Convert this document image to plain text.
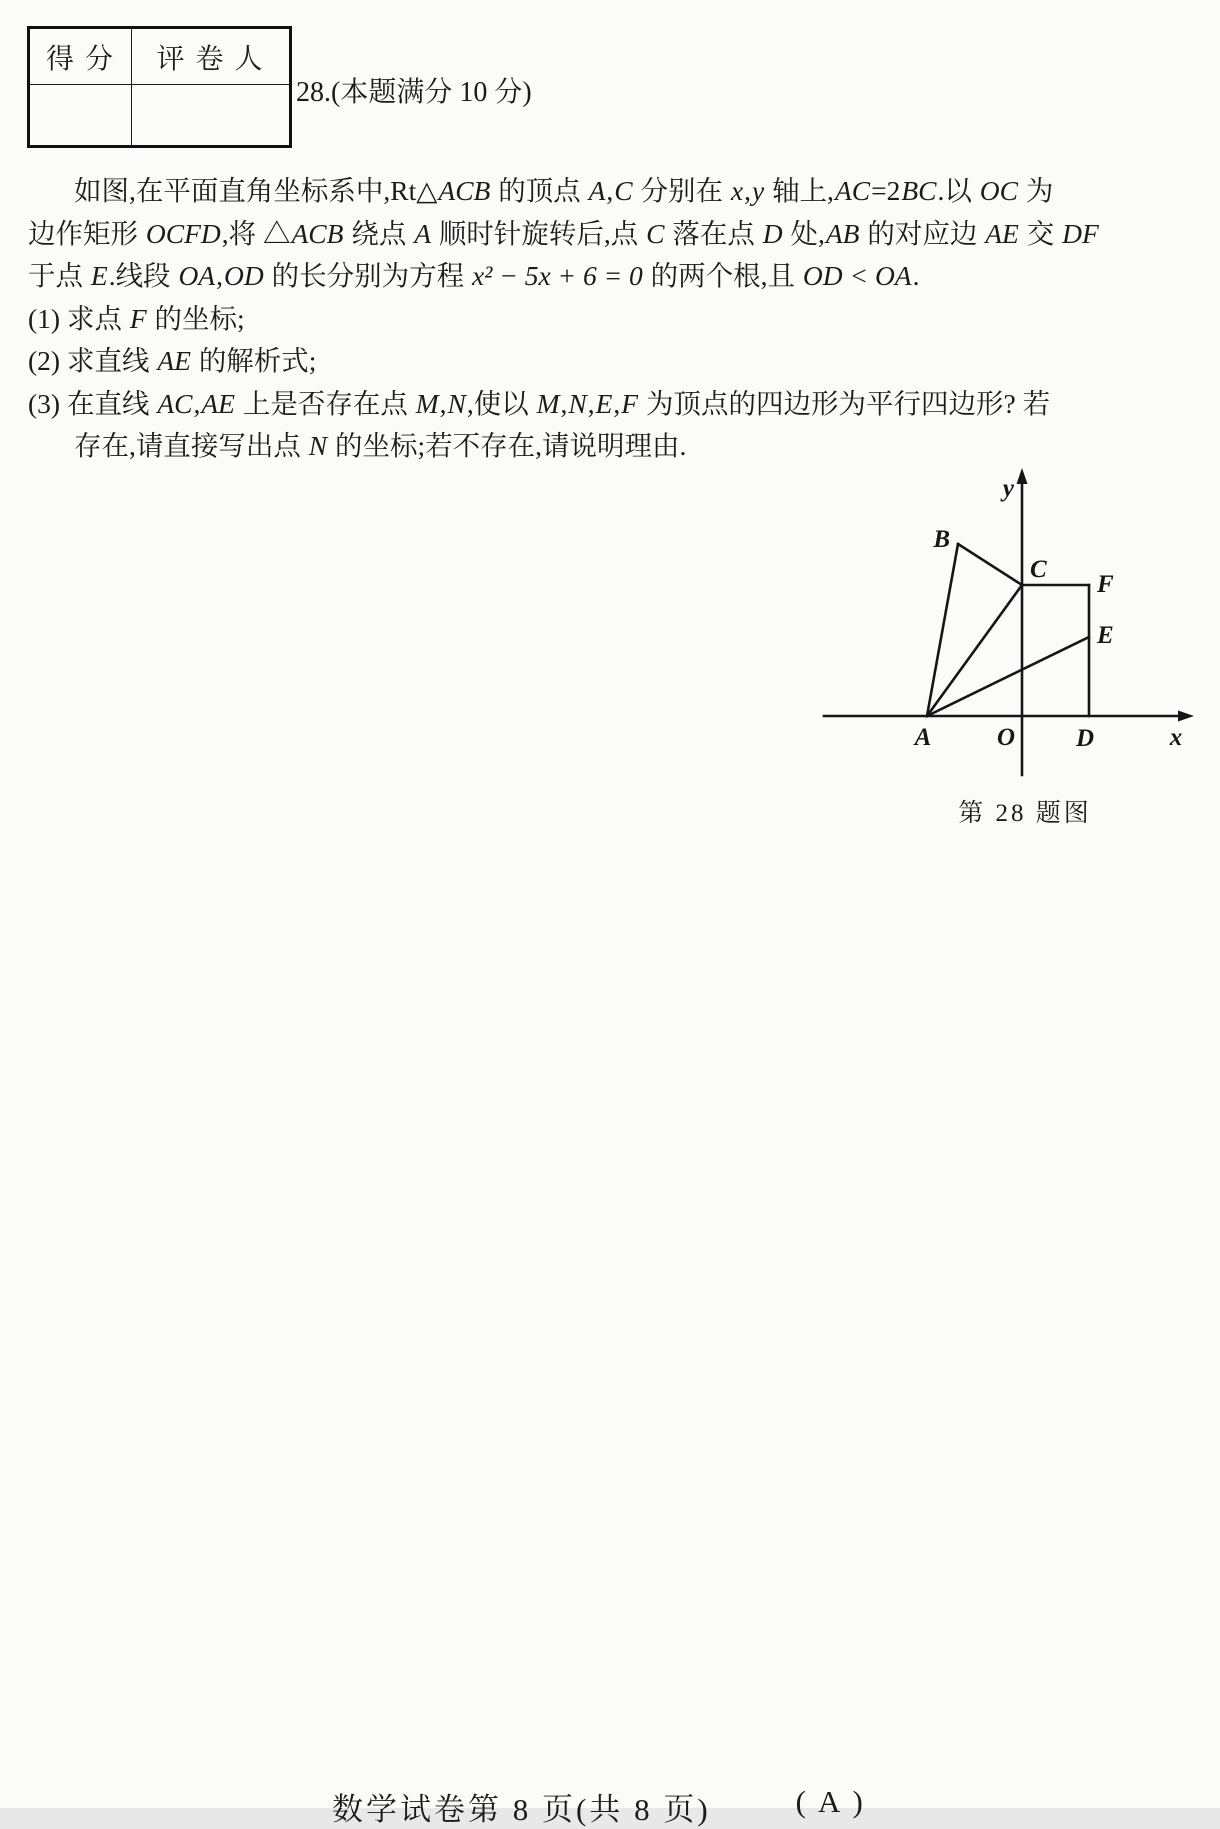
得 分	评 卷 人

28.(本题满分 10 分)
如图,在平面直角坐标系中,Rt△ACB 的顶点 A,C 分别在 x,y 轴上,AC=2BC.以 OC 为
边作矩形 OCFD,将 △ACB 绕点 A 顺时针旋转后,点 C 落在点 D 处,AB 的对应边 AE 交 DF
于点 E.线段 OA,OD 的长分别为方程 x² − 5x + 6 = 0 的两个根,且 OD < OA.
(1) 求点 F 的坐标;
(2) 求直线 AE 的解析式;
(3) 在直线 AC,AE 上是否存在点 M,N,使以 M,N,E,F 为顶点的四边形为平行四边形? 若
存在,请直接写出点 N 的坐标;若不存在,请说明理由.
y
x
B
C
F
E
A	O D
第 28 题图
数学试卷第 8 页(共 8 页)	( A )
